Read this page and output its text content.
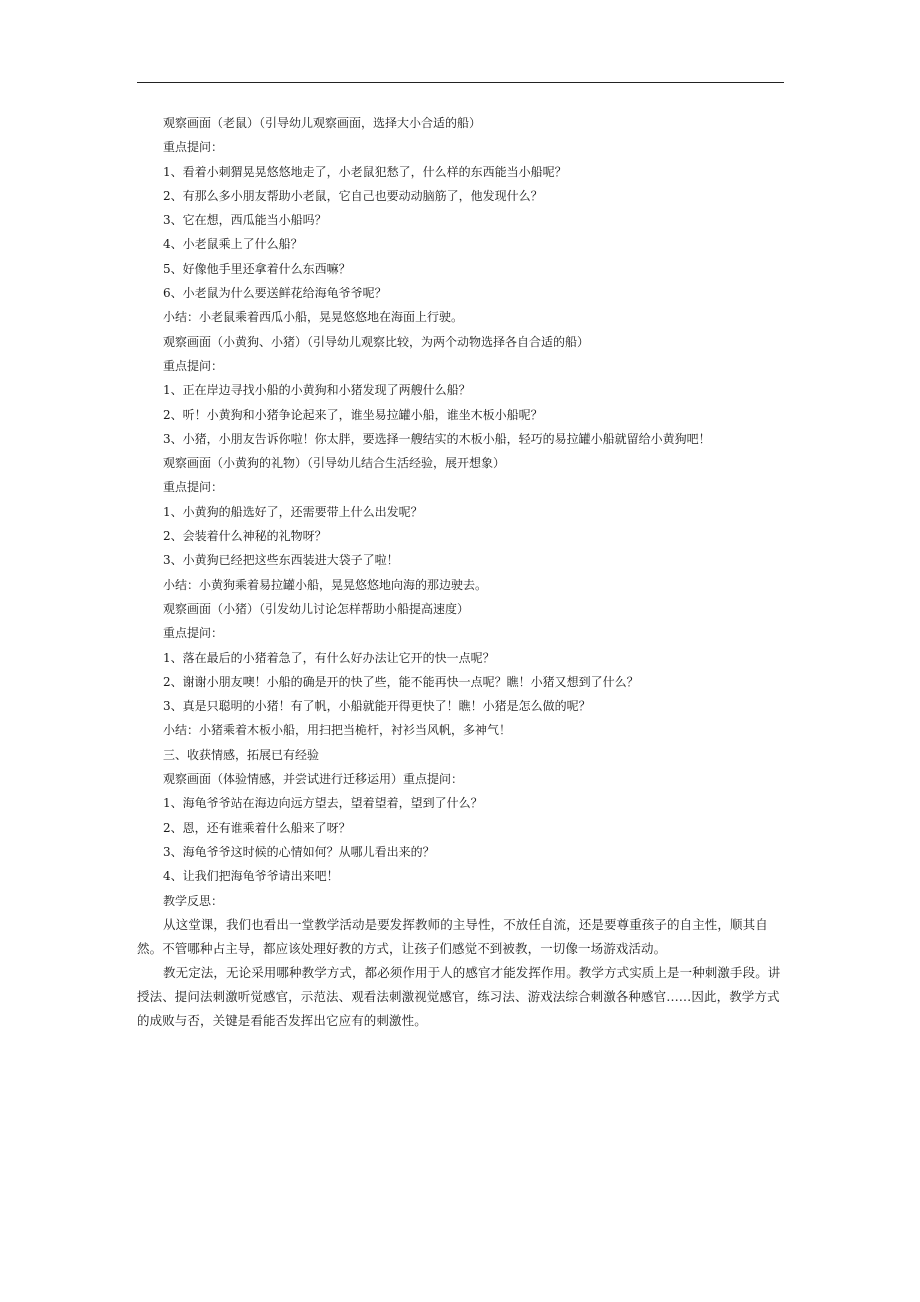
观察画面（老鼠）（引导幼儿观察画面，选择大小合适的船）
重点提问：
1、看着小刺猬晃晃悠悠地走了，小老鼠犯愁了，什么样的东西能当小船呢？
2、有那么多小朋友帮助小老鼠，它自己也要动动脑筋了，他发现什么？
3、它在想，西瓜能当小船吗？
4、小老鼠乘上了什么船？
5、好像他手里还拿着什么东西嘛？
6、小老鼠为什么要送鲜花给海龟爷爷呢？
小结：小老鼠乘着西瓜小船，晃晃悠悠地在海面上行驶。
观察画面（小黄狗、小猪）（引导幼儿观察比较，为两个动物选择各自合适的船）
重点提问：
1、正在岸边寻找小船的小黄狗和小猪发现了两艘什么船？
2、听！小黄狗和小猪争论起来了，谁坐易拉罐小船，谁坐木板小船呢？
3、小猪，小朋友告诉你啦！你太胖，要选择一艘结实的木板小船，轻巧的易拉罐小船就留给小黄狗吧！
观察画面（小黄狗的礼物）（引导幼儿结合生活经验，展开想象）
重点提问：
1、小黄狗的船选好了，还需要带上什么出发呢？
2、会装着什么神秘的礼物呀？
3、小黄狗已经把这些东西装进大袋子了啦！
小结：小黄狗乘着易拉罐小船，晃晃悠悠地向海的那边驶去。
观察画面（小猪）（引发幼儿讨论怎样帮助小船提高速度）
重点提问：
1、落在最后的小猪着急了，有什么好办法让它开的快一点呢？
2、谢谢小朋友噢！小船的确是开的快了些，能不能再快一点呢？瞧！小猪又想到了什么？
3、真是只聪明的小猪！有了帆，小船就能开得更快了！瞧！小猪是怎么做的呢？
小结：小猪乘着木板小船，用扫把当桅杆，衬衫当风帆，多神气！
三、收获情感，拓展已有经验
观察画面（体验情感，并尝试进行迁移运用）重点提问：
1、海龟爷爷站在海边向远方望去，望着望着，望到了什么？
2、恩，还有谁乘着什么船来了呀？
3、海龟爷爷这时候的心情如何？从哪儿看出来的？
4、让我们把海龟爷爷请出来吧！
教学反思：

从这堂课，我们也看出一堂教学活动是要发挥教师的主导性，不放任自流，还是要尊重孩子的自主性，顺其自然。不管哪种占主导，都应该处理好教的方式，让孩子们感觉不到被教，一切像一场游戏活动。

教无定法，无论采用哪种教学方式，都必须作用于人的感官才能发挥作用。教学方式实质上是一种刺激手段。讲授法、提问法刺激听觉感官，示范法、观看法刺激视觉感官，练习法、游戏法综合刺激各种感官……因此，教学方式的成败与否，关键是看能否发挥出它应有的刺激性。
